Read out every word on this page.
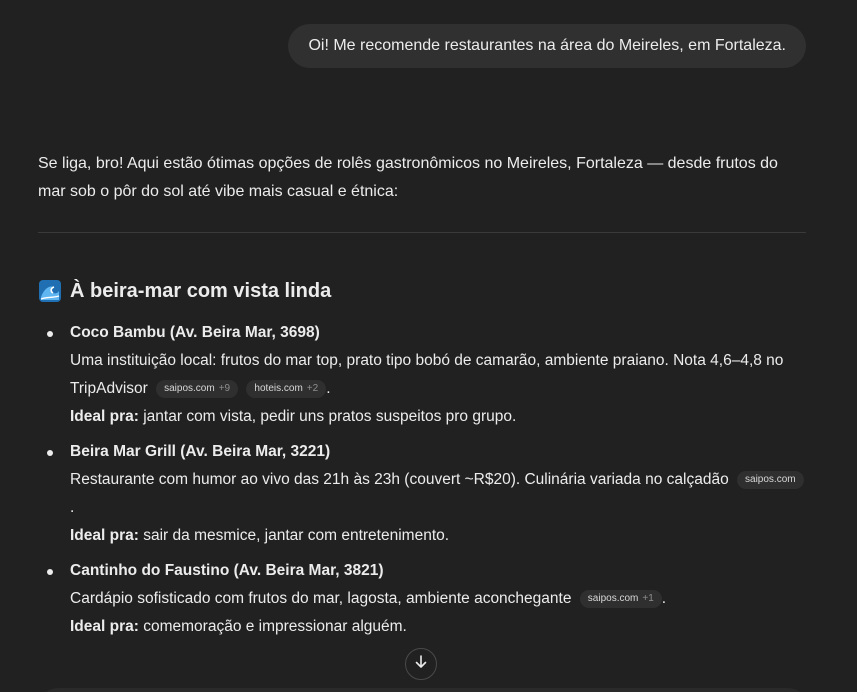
Oi! Me recomende restaurantes na área do Meireles, em Fortaleza.

Se liga, bro! Aqui estão ótimas opções de rolês gastronômicos no Meireles, Fortaleza — desde frutos do mar sob o pôr do sol até vibe mais casual e étnica:

À beira-mar com vista linda
Coco Bambu (Av. Beira Mar, 3698)
Uma instituição local: frutos do mar top, prato tipo bobó de camarão, ambiente praiano. Nota 4,6–4,8 no TripAdvisor saipos.com +9
hoteis.com +2 .
Ideal pra: jantar com vista, pedir uns pratos suspeitos pro grupo.
Beira Mar Grill (Av. Beira Mar, 3221)
Restaurante com humor ao vivo das 21h às 23h (couvert ~R$20). Culinária variada no calçadão saipos.com

.
Ideal pra: sair da mesmice, jantar com entretenimento.
Cantinho do Faustino (Av. Beira Mar, 3821)
Cardápio sofisticado com frutos do mar, lagosta, ambiente aconchegante saipos.com +1 .
Ideal pra: comemoração e impressionar alguém.
